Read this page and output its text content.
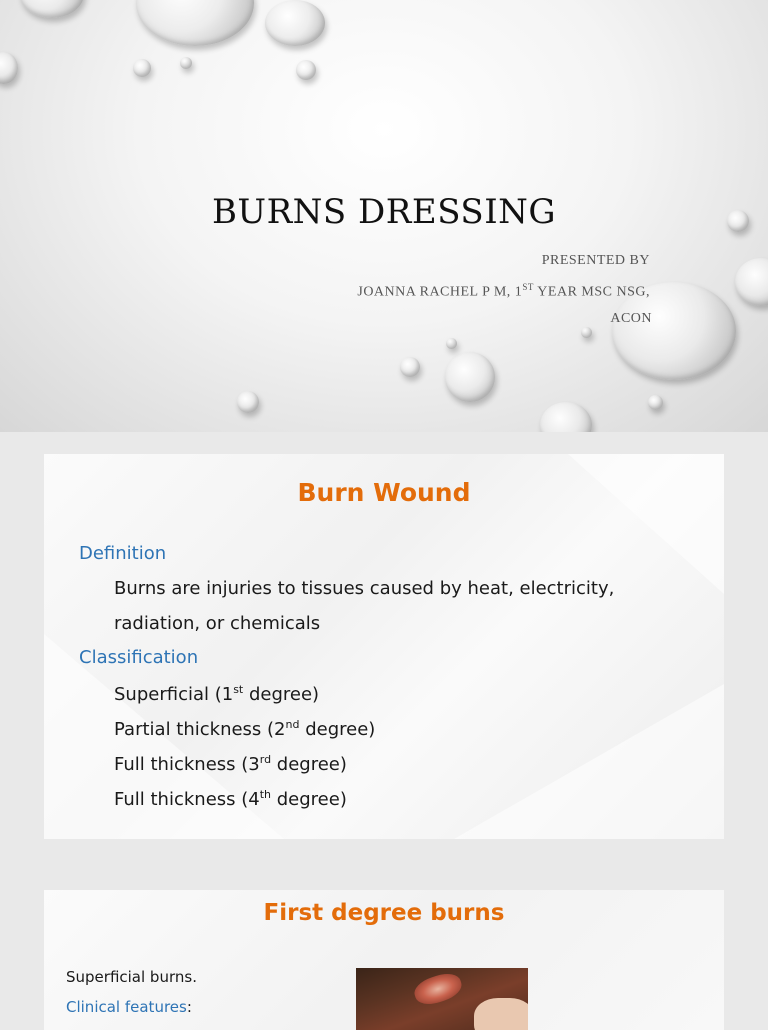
BURNS DRESSING
PRESENTED BY
JOANNA RACHEL P M, 1ST YEAR MSC NSG,
ACON
Burn Wound
Definition
Burns are injuries to tissues caused by heat, electricity,
radiation, or chemicals
Classification
Superficial (1st degree)
Partial thickness (2nd degree)
Full thickness (3rd degree)
Full thickness (4th degree)
First degree burns
Superficial burns.
Clinical features:
